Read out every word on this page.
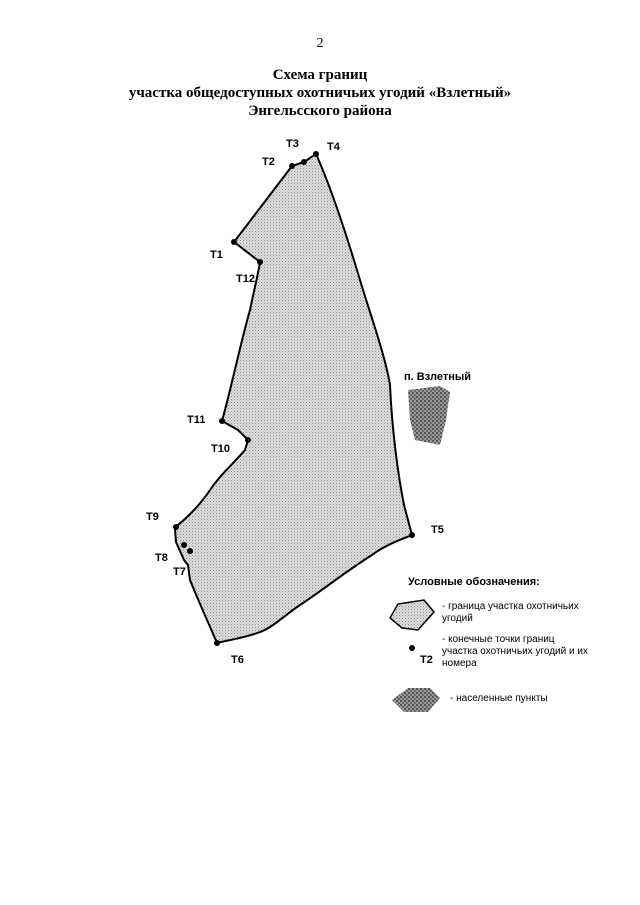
2
Схема границ
участка общедоступных охотничьих угодий «Взлетный»
Энгельсского района
T1
T2
T3	T4
T5
T6
T7
T8
T9
T10
T11
T12
п. Взлетный
T2
Условные обозначения:
- граница участка охотничьих угодий
- конечные точки границ участка охотничьих угодий и их номера
- населенные пункты
